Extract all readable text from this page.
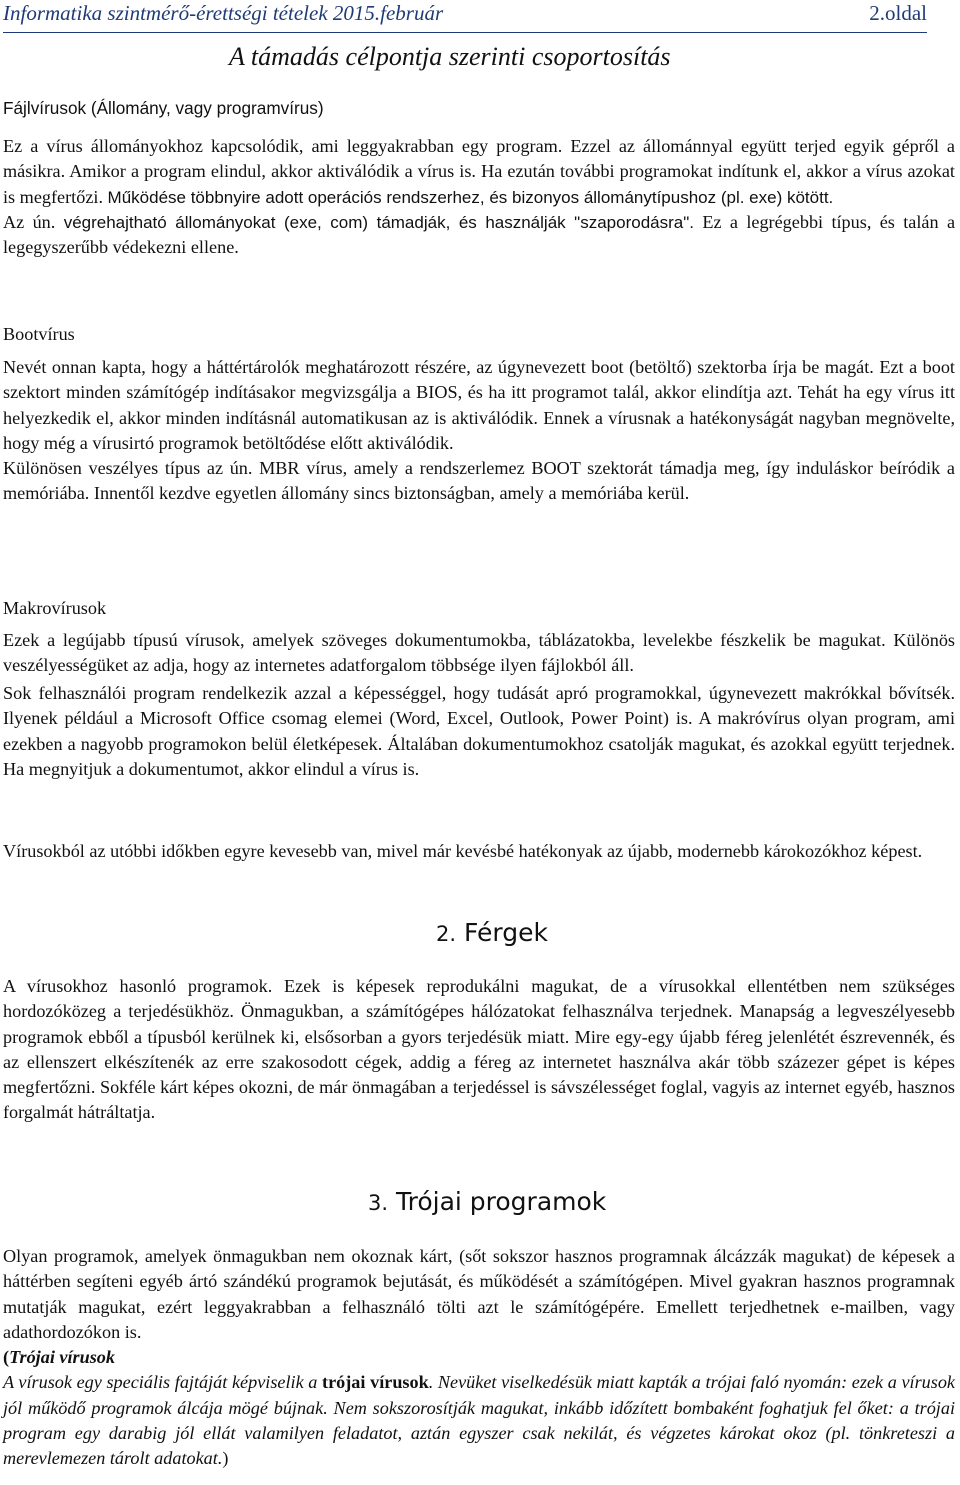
Informatika szintmérő-érettségi tételek 2015.február	2.oldal
A támadás célpontja szerinti csoportosítás

Fájlvírusok (Állomány, vagy programvírus)

Ez a vírus állományokhoz kapcsolódik, ami leggyakrabban egy program. Ezzel az állománnyal együtt terjed egyik gépről a másikra. Amikor a program elindul, akkor aktiválódik a vírus is. Ha ezután további programokat indítunk el, akkor a vírus azokat is megfertőzi. Működése többnyire adott operációs rendszerhez, és bizonyos állománytípushoz (pl. exe) kötött.

Az ún. végrehajtható állományokat (exe, com) támadják, és használják "szaporodásra". Ez a legrégebbi típus, és talán a legegyszerűbb védekezni ellene.

Bootvírus

Nevét onnan kapta, hogy a háttértárolók meghatározott részére, az úgynevezett boot (betöltő) szektorba írja be magát. Ezt a boot szektort minden számítógép indításakor megvizsgálja a BIOS, és ha itt programot talál, akkor elindítja azt. Tehát ha egy vírus itt helyezkedik el, akkor minden indításnál automatikusan az is aktiválódik. Ennek a vírusnak a hatékonyságát nagyban megnövelte, hogy még a vírusirtó programok betöltődése előtt aktiválódik.

Különösen veszélyes típus az ún. MBR vírus, amely a rendszerlemez BOOT szektorát támadja meg, így induláskor beíródik a memóriába. Innentől kezdve egyetlen állomány sincs biztonságban, amely a memóriába kerül.

Makrovírusok

Ezek a legújabb típusú vírusok, amelyek szöveges dokumentumokba, táblázatokba, levelekbe fészkelik be magukat. Különös veszélyességüket az adja, hogy az internetes adatforgalom többsége ilyen fájlokból áll.

Sok felhasználói program rendelkezik azzal a képességgel, hogy tudását apró programokkal, úgynevezett makrókkal bővítsék. Ilyenek például a Microsoft Office csomag elemei (Word, Excel, Outlook, Power Point) is. A makróvírus olyan program, ami ezekben a nagyobb programokon belül életképesek. Általában dokumentumokhoz csatolják magukat, és azokkal együtt terjednek. Ha megnyitjuk a dokumentumot, akkor elindul a vírus is.

Vírusokból az utóbbi időkben egyre kevesebb van, mivel már kevésbé hatékonyak az újabb, modernebb károkozókhoz képest.

2. Férgek

A vírusokhoz hasonló programok. Ezek is képesek reprodukálni magukat, de a vírusokkal ellentétben nem szükséges hordozóközeg a terjedésükhöz. Önmagukban, a számítógépes hálózatokat felhasználva terjednek. Manapság a legveszélyesebb programok ebből a típusból kerülnek ki, elsősorban a gyors terjedésük miatt. Mire egy-egy újabb féreg jelenlétét észrevennék, és az ellenszert elkészítenék az erre szakosodott cégek, addig a féreg az internetet használva akár több százezer gépet is képes megfertőzni. Sokféle kárt képes okozni, de már önmagában a terjedéssel is sávszélességet foglal, vagyis az internet egyéb, hasznos forgalmát hátráltatja.

3. Trójai programok

Olyan programok, amelyek önmagukban nem okoznak kárt, (sőt sokszor hasznos programnak álcázzák magukat) de képesek a háttérben segíteni egyéb ártó szándékú programok bejutását, és működését a számítógépen. Mivel gyakran hasznos programnak mutatják magukat, ezért leggyakrabban a felhasználó tölti azt le számítógépére. Emellett terjedhetnek e-mailben, vagy adathordozókon is.

(Trójai vírusok

A vírusok egy speciális fajtáját képviselik a trójai vírusok. Nevüket viselkedésük miatt kapták a trójai faló nyomán: ezek a vírusok jól működő programok álcája mögé bújnak. Nem sokszorosítják magukat, inkább időzített bombaként foghatjuk fel őket: a trójai program egy darabig jól ellát valamilyen feladatot, aztán egyszer csak nekilát, és végzetes károkat okoz (pl. tönkreteszi a merevlemezen tárolt adatokat.)
